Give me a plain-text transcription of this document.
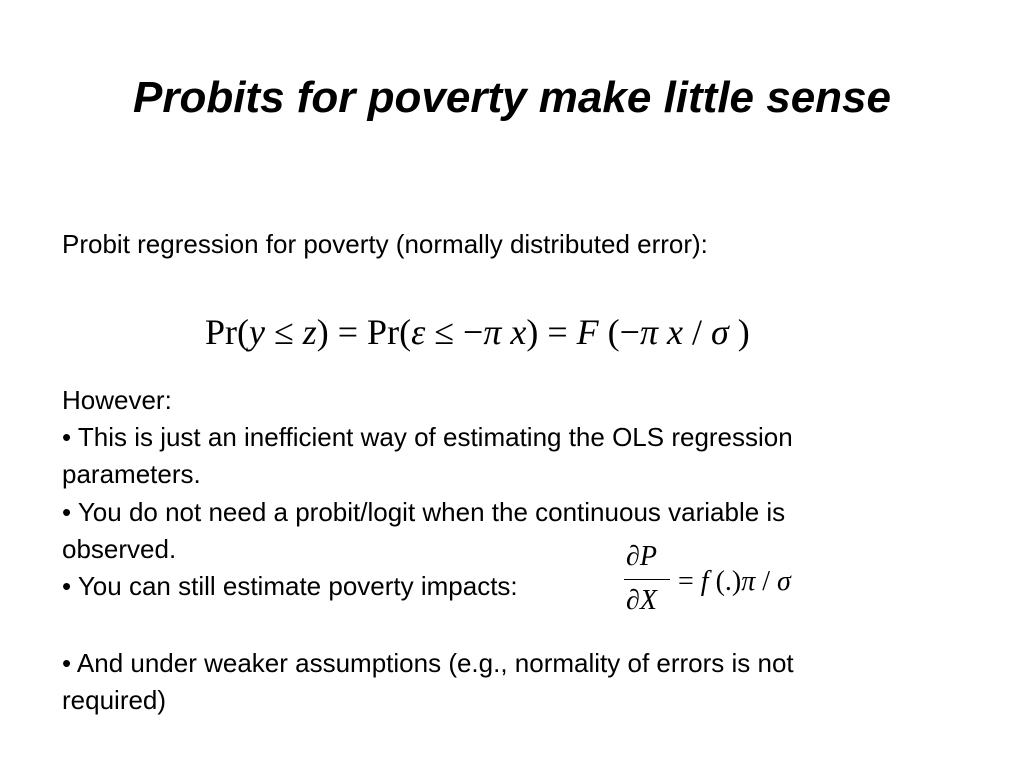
Probits for poverty make little sense
Probit regression for poverty (normally distributed error):
Pr(y ≤ z) = Pr(ε ≤ −π x) = F (−π x / σ )
However:
• This is just an inefficient way of estimating the OLS regression
parameters.
• You do not need a probit/logit when the continuous variable is
observed.
• You can still estimate poverty impacts:
∂P
∂X
= f (.)π / σ
• And under weaker assumptions (e.g., normality of errors is not
required)
